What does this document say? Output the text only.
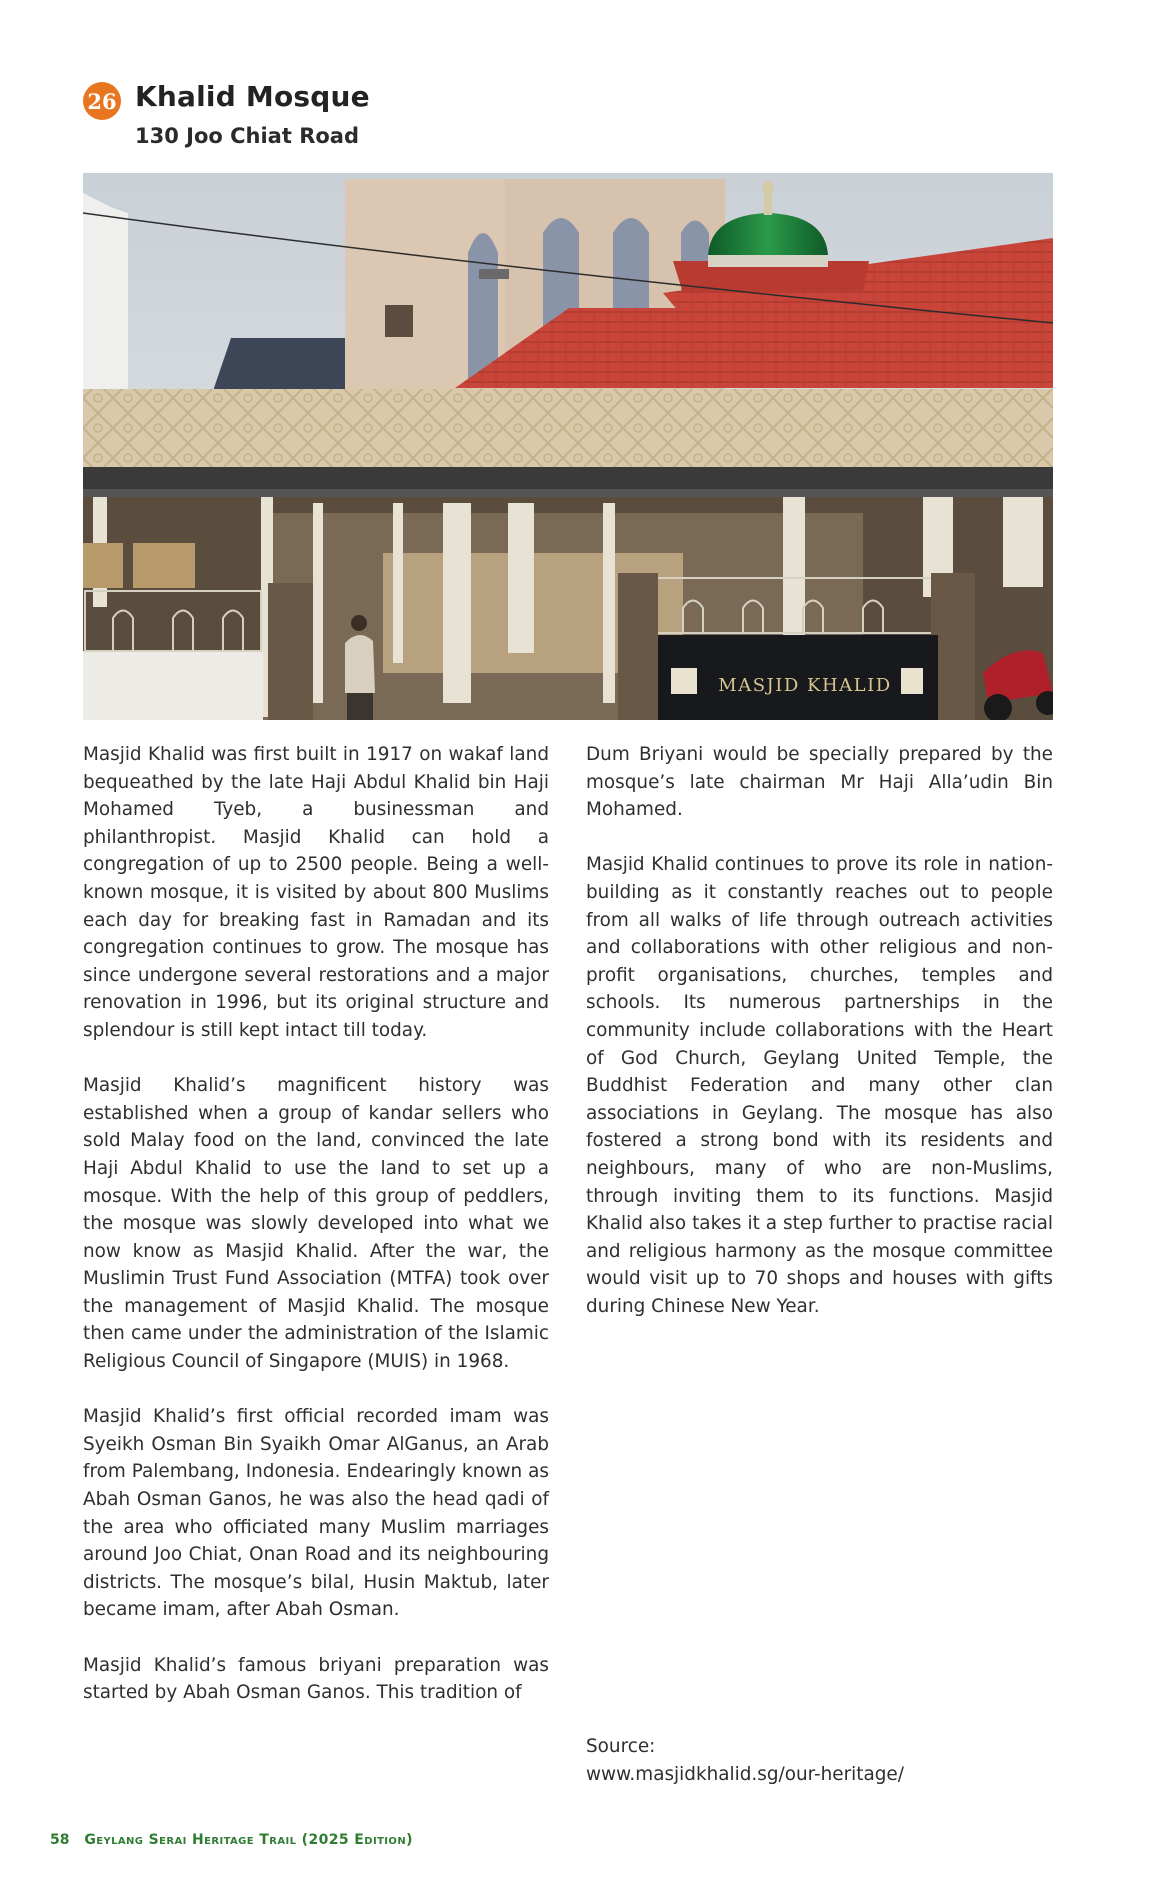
26 Khalid Mosque
130 Joo Chiat Road
MASJID KHALID

Masjid Khalid was first built in 1917 on wakaf land bequeathed by the late Haji Abdul Khalid bin Haji Mohamed Tyeb, a businessman and philanthropist. Masjid Khalid can hold a congregation of up to 2500 people. Being a well-known mosque, it is visited by about 800 Muslims each day for breaking fast in Ramadan and its congregation continues to grow. The mosque has since undergone several restorations and a major renovation in 1996, but its original structure and splendour is still kept intact till today.

Masjid Khalid’s magnificent history was established when a group of kandar sellers who sold Malay food on the land, convinced the late Haji Abdul Khalid to use the land to set up a mosque. With the help of this group of peddlers, the mosque was slowly developed into what we now know as Masjid Khalid. After the war, the Muslimin Trust Fund Association (MTFA) took over the management of Masjid Khalid. The mosque then came under the administration of the Islamic Religious Council of Singapore (MUIS) in 1968.

Masjid Khalid’s first official recorded imam was Syeikh Osman Bin Syaikh Omar AlGanus, an Arab from Palembang, Indonesia. Endearingly known as Abah Osman Ganos, he was also the head qadi of the area who officiated many Muslim marriages around Joo Chiat, Onan Road and its neighbouring districts. The mosque’s bilal, Husin Maktub, later became imam, after Abah Osman.

Masjid Khalid’s famous briyani preparation was started by Abah Osman Ganos. This tradition of

Dum Briyani would be specially prepared by the mosque’s late chairman Mr Haji Alla’udin Bin Mohamed.

Masjid Khalid continues to prove its role in nation-building as it constantly reaches out to people from all walks of life through outreach activities and collaborations with other religious and non-profit organisations, churches, temples and schools. Its numerous partnerships in the community include collaborations with the Heart of God Church, Geylang United Temple, the Buddhist Federation and many other clan associations in Geylang. The mosque has also fostered a strong bond with its residents and neighbours, many of who are non-Muslims, through inviting them to its functions. Masjid Khalid also takes it a step further to practise racial and religious harmony as the mosque committee would visit up to 70 shops and houses with gifts during Chinese New Year.

Source:
www.masjidkhalid.sg/our-heritage/
58 Geylang Serai Heritage Trail (2025 Edition)
